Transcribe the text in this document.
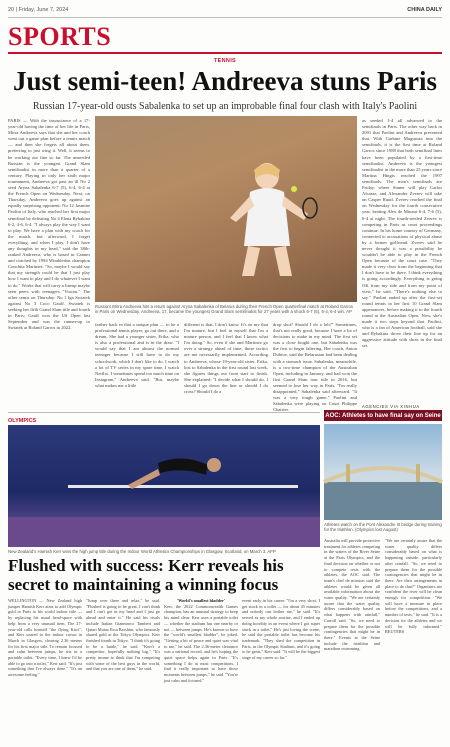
20 | Friday, June 7, 2024	CHINA DAILY
SPORTS
TENNIS
Just semi-teen! Andreeva stuns Paris
Russian 17-year-old ousts Sabalenka to set up an improbable final four clash with Italy's Paolini
PARIS — With the insouciance of a 17-year-old having the time of her life in Paris, Mirra Andreeva says that she and her coach went out a game plan before a tennis match — and then she forgets all about them, preferring to just wing it. Well, it seems to be working out fine so far. The unseeded Russian is the youngest Grand Slam semifinalist in more than a quarter of a century. Playing in only her sixth major tournament, Andreeva got past an ill No 2 seed Aryna Sabalenka 6-7 (5), 6-4, 6-4 at the French Open on Wednesday. Next, on Thursday, Andreeva goes up against an equally surprising opponent: No 12 Jasmine Paolini of Italy, who reached her first major semifinal by defeating No 4 Elena Rybakina 6-2, 4-6, 6-4. "I always play the way I want to play. We have a plan with my coach for the match, but afterward, I forget everything, and when I play, I don't have any thoughts in my head," said the 38th-ranked Andreeva, who is based in Cannes and coached by 1994 Wimbledon champion Conchita Martinez. "So, maybe I would say that my strength could be that I just play how I want to play and I do whatever I want to do." Works that will carry a lineup maybe seen peers with teenagers "Vroom." The other semis on Thursday: No 1 Iga Swiatek against No 3 Coco Gauff. Swiatek is seeking her fifth Grand Slam title and fourth in Paris; Gauff won the US Open last September and was the runner-up to Swiatek at Roland Garros in 2022.
Russia's Mirra Andreeva hits a return against Aryna Sabalenka of Belarus during their French Open quarterfinal match at Roland Garros in Paris on Wednesday. Andreeva, 17, became the youngest Grand Slam semifinalist for 27 years with a shock 6-7 (5), 6-4, 6-4 win. AP
farther back in that a unique plan — to be a professional tennis player, go out there, and a dream. She had a younger sister, Erika, who is also a professional and is in the draw. "I would say that I am almost the normal teenager because I still have to do my schoolwork, which I don't like to do. I watch a lot of TV series in my spare time. I watch Netflix. I sometimes spend too much time on Instagram," Andreeva said. "But, maybe what makes me a little
different is that, I don't know. It's on my that I'm mature, but I feel in myself that I'm a mature person, and I feel that I know what I'm doing." So, even if she and Martinez go over a strategy ahead of time, those tactics are not necessarily implemented. According to Andreeva, whose 19-year-old sister, Erika, lost to Sabalenka in the first round last week, she figures things out from start to finish. She explained: "I decide what I should do, I should I go down the line or should I do cross? Should I do a
drop shot? Should I do a lob?" Sometimes, that's not really good, because I have a lot of decisions to make in my mind. The first set was a close fought one, but Sabalenka was the first to begin faltering. Her coach, Anton Dubrov, said the Belarusian had been dealing with a stomach issue. Sabalenka, meanwhile, is a two-time champion of the Australian Open, including in January, and had won the first Grand Slam tour title in 2016, but seemed to lose her way in Paris. "I'm really disappointed," Sabalenka said afterward. "It was a very tough game." Paolini and Sabalenka were playing on Court Philippe Chatrier.
as seeded 1-4 all advanced to the semifinals in Paris. The other way back in 2001 that Paolini and Andreeva prevented that. With Garbine Muguruza into the semifinals, it is the first time at Roland Garros since 1988 that both semifinal lines have been populated by a first-time semifinalist. Andreeva is the youngest semifinalist in the more than 25 years since Martina Hingis reached the 1997 semifinals. The men's semifinals are Friday, where Sinner will play Carlos Alcaraz, and Alexander Zverev will take on Casper Ruud. Zverev reached the final on Wednesday for the fourth consecutive year, beating Alex de Minaur 6-4, 7-6 (5), 6-4 at night. The fourth-seeded Zverev is competing in Paris as court proceedings continue. In his home country of Germany, connected to accusations of physical abuse by a former girlfriend. Zverev said he never thought it was a possibility he wouldn't be able to play in the French Open because of the court case. "They made it very clear from the beginning that I don't have to be there. I think everything is going accordingly. Everything is going OK from my side and from my point of view," he said. "There's nothing else to say." Paolini ended up after the first-set round tennis in her first 10 Grand Slam appearances, before making it to the fourth round at the Australian Open. Now, she's made it two steps beyond that. Paolini, who is a fan of American football, said she and Rybakina drove their line up for an aggressive attitude with shots in the final set.
AGENCIES VIA XINHUA
OLYMPICS
New Zealand's Hamish Kerr wins the high jump title during the Indoor World Athletics Championships in Glasgow, Scotland, on March 3. AFP
Flushed with success: Kerr reveals his secret to maintaining a winning focus
WELLINGTON — New Zealand high jumper Hamish Kerr aims to add Olympic gold in Paris to his world indoor title — by replacing his usual head-space with help from a very unusual item. The 27-year-old calls himself "the flying Kiwi", and Kerr soared to the indoor crown in March in Glasgow, clearing 2.36 meters for his first major title. To remain focused and calm between jumps, he sits in a portable toilet. "Every time, I knew I'd be able to go into a toilet," Kerr said. "It's just something that I've always done." "It's an awesome feeling."
"Jump over there and relax," he said. "Flushed is going to be great, I can't think and I can't get in my head and I just go ahead and enter it." He said his rivals include Italian Gianmarco Tamberi and Qatari Mutaz Essa Barshim, who famously shared gold at the Tokyo Olympics. Kerr finished fourth in Tokyo. "I think it's going to be a battle," he said. "Kerr's a competitor, hopefully nothing big." "It's pretty insane to think that I'm competing with some of the best guys in the world, and that you are one of them," he said.
'World's smallest bladder'
Kerr, the 2022 Commonwealth Games champion, has an unusual strategy to keep his mind clear. Kerr uses a portable toilet — whether the stadium has one nearby or not — between jumps. He's known to have the "world's smallest bladder", he joked. "Getting a bit of peace and quiet was vital to me," he said. The 2.36-meter clearance was a national record, and he's hoping the quiet space helps again in Paris. "It's something I do at most competitions. I find it really important to have those moments between jumps," he said. "You're just calm and focused."
event early in his career. "I'm a very short, I get stuck in a toilet — for about 45 minutes and nobody can bother me," he said. "It's served as my whole routine, and I ended up doing horribly in an event where I got super stuck in a toilet." He's just loving the scene, he said the portable toilet has become his trademark. "They shed the competition in Paris, in the Olympic Stadium, and it's going to be great," Kerr said. "It will be the biggest stage of my career so far."
AOC: Athletes to have final say on Seine
Athletes watch on the Pont Alexandre III bridge during training for the triathlon. (Olympics lost August)
Australia will provide protective treatment for athletes competing in the waters of the River Seine at the Paris Olympics, and the final decision on whether or not to compete rests with the athletes, the AOC said. The team's chef de mission said the athletes would be given all available information about the water quality. "We are certainly aware that the water quality differs considerably based on what happens with rainfall," Carroll said. "So, we need to prepare them for the possible contingencies that might be in there." Events at the Seine include the triathlon and marathon swimming.
"We are certainly aware that the water quality differs considerably based on what is happening outside, particularly after rainfall. "So, we need to prepare them for the possible contingencies that might be in there. Are their arrangements in place to do that?" Organizers are confident the river will be clean enough for competition. "We will have a measure in place before the competitions, and a number of tests," he said. "It is a decision for the athletes and we will be fully informed." REUTERS
